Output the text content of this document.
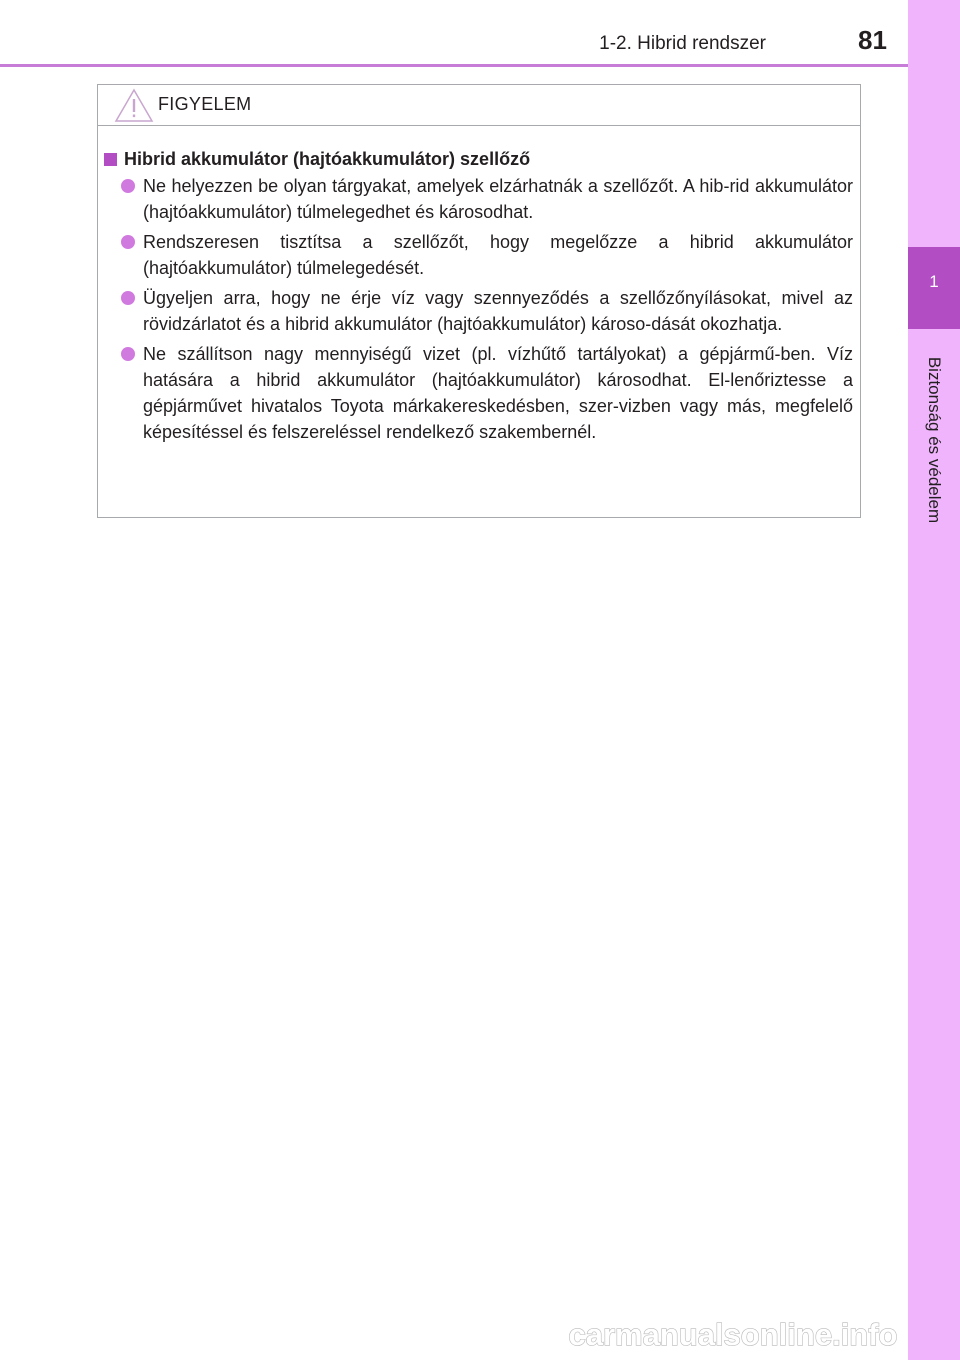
1
Biztonság és védelem
1-2. Hibrid rendszer	81
FIGYELEM
Hibrid akkumulátor (hajtóakkumulátor) szellőző
Ne helyezzen be olyan tárgyakat, amelyek elzárhatnák a szellőzőt. A hib-rid akkumulátor (hajtóakkumulátor) túlmelegedhet és károsodhat.
Rendszeresen tisztítsa a szellőzőt, hogy megelőzze a hibrid akkumulátor (hajtóakkumulátor) túlmelegedését.
Ügyeljen arra, hogy ne érje víz vagy szennyeződés a szellőzőnyílásokat, mivel az rövidzárlatot és a hibrid akkumulátor (hajtóakkumulátor) károso-dását okozhatja.
Ne szállítson nagy mennyiségű vizet (pl. vízhűtő tartályokat) a gépjármű-ben. Víz hatására a hibrid akkumulátor (hajtóakkumulátor) károsodhat. El-lenőriztesse a gépjárművet hivatalos Toyota márkakereskedésben, szer-vizben vagy más, megfelelő képesítéssel és felszereléssel rendelkező szakembernél.
carmanualsonline.info
